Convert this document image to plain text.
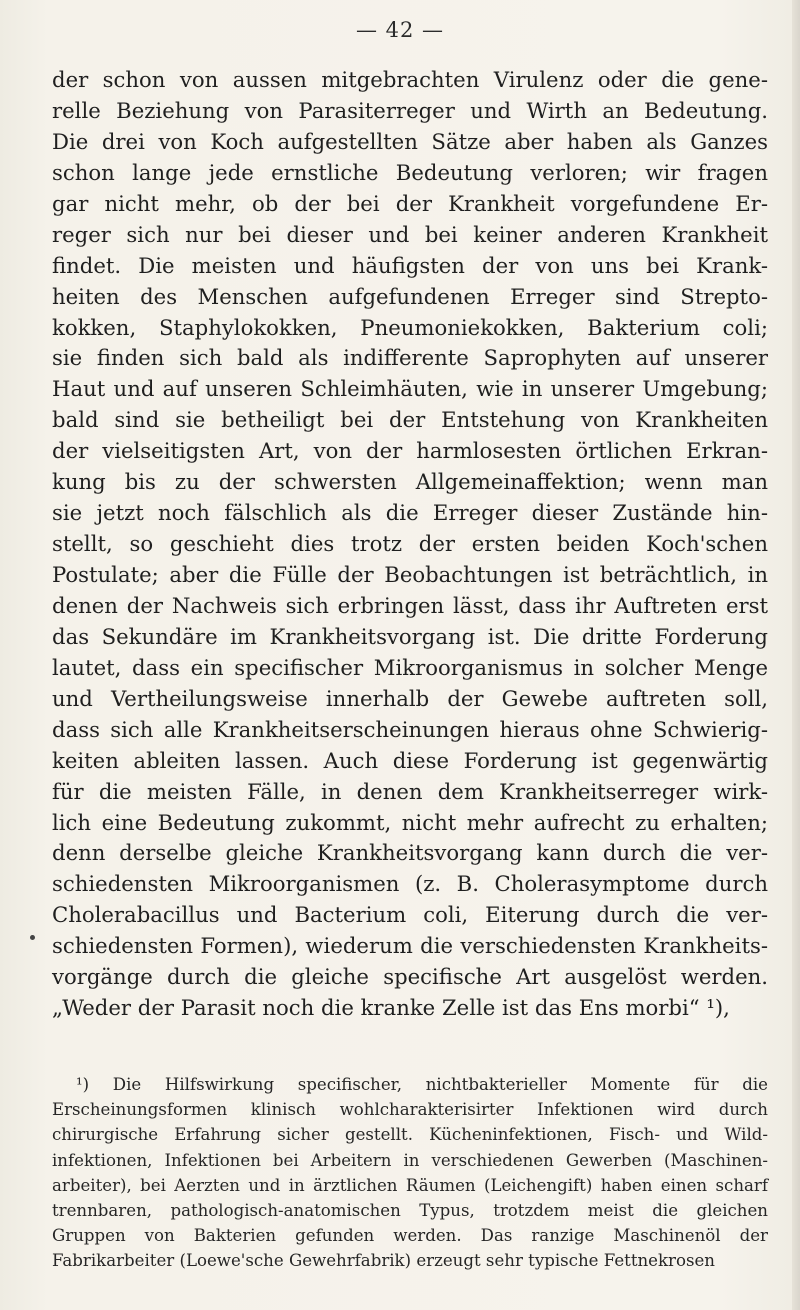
— 42 —
der schon von aussen mitgebrachten Virulenz oder die gene-
relle Beziehung von Parasiterreger und Wirth an Bedeutung.
Die drei von Koch aufgestellten Sätze aber haben als Ganzes
schon lange jede ernstliche Bedeutung verloren; wir fragen
gar nicht mehr, ob der bei der Krankheit vorgefundene Er-
reger sich nur bei dieser und bei keiner anderen Krankheit
findet. Die meisten und häufigsten der von uns bei Krank-
heiten des Menschen aufgefundenen Erreger sind Strepto-
kokken, Staphylokokken, Pneumoniekokken, Bakterium coli;
sie finden sich bald als indifferente Saprophyten auf unserer
Haut und auf unseren Schleimhäuten, wie in unserer Umgebung;
bald sind sie betheiligt bei der Entstehung von Krankheiten
der vielseitigsten Art, von der harmlosesten örtlichen Erkran-
kung bis zu der schwersten Allgemeinaffektion; wenn man
sie jetzt noch fälschlich als die Erreger dieser Zustände hin-
stellt, so geschieht dies trotz der ersten beiden Koch'schen
Postulate; aber die Fülle der Beobachtungen ist beträchtlich, in
denen der Nachweis sich erbringen lässt, dass ihr Auftreten erst
das Sekundäre im Krankheitsvorgang ist. Die dritte Forderung
lautet, dass ein specifischer Mikroorganismus in solcher Menge
und Vertheilungsweise innerhalb der Gewebe auftreten soll,
dass sich alle Krankheitserscheinungen hieraus ohne Schwierig-
keiten ableiten lassen. Auch diese Forderung ist gegenwärtig
für die meisten Fälle, in denen dem Krankheitserreger wirk-
lich eine Bedeutung zukommt, nicht mehr aufrecht zu erhalten;
denn derselbe gleiche Krankheitsvorgang kann durch die ver-
schiedensten Mikroorganismen (z. B. Cholerasymptome durch
Cholerabacillus und Bacterium coli, Eiterung durch die ver-
schiedensten Formen), wiederum die verschiedensten Krankheits-
vorgänge durch die gleiche specifische Art ausgelöst werden.
„Weder der Parasit noch die kranke Zelle ist das Ens morbi“ ¹),
¹) Die Hilfswirkung specifischer, nichtbakterieller Momente für die
Erscheinungsformen klinisch wohlcharakterisirter Infektionen wird durch
chirurgische Erfahrung sicher gestellt. Kücheninfektionen, Fisch- und Wild-
infektionen, Infektionen bei Arbeitern in verschiedenen Gewerben (Maschinen-
arbeiter), bei Aerzten und in ärztlichen Räumen (Leichengift) haben einen scharf
trennbaren, pathologisch-anatomischen Typus, trotzdem meist die gleichen
Gruppen von Bakterien gefunden werden. Das ranzige Maschinenöl der
Fabrikarbeiter (Loewe'sche Gewehrfabrik) erzeugt sehr typische Fettnekrosen
